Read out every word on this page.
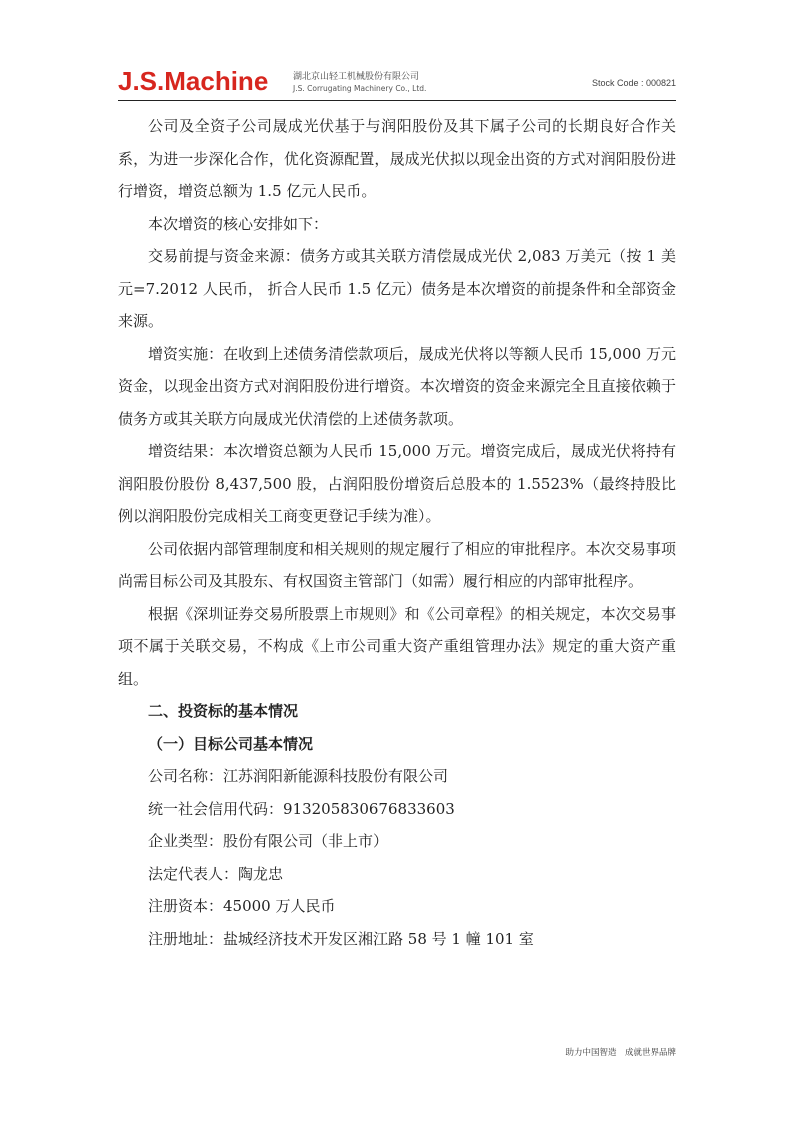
J.S.Machine	湖北京山轻工机械股份有限公司
J.S. Corrugating Machinery Co., Ltd.
Stock Code : 000821

公司及全资子公司晟成光伏基于与润阳股份及其下属子公司的长期良好合作关系，为进一步深化合作，优化资源配置，晟成光伏拟以现金出资的方式对润阳股份进行增资，增资总额为 1.5 亿元人民币。

本次增资的核心安排如下：

交易前提与资金来源：债务方或其关联方清偿晟成光伏 2,083 万美元（按 1 美元=7.2012 人民币， 折合人民币 1.5 亿元）债务是本次增资的前提条件和全部资金来源。

增资实施：在收到上述债务清偿款项后，晟成光伏将以等额人民币 15,000 万元资金，以现金出资方式对润阳股份进行增资。本次增资的资金来源完全且直接依赖于债务方或其关联方向晟成光伏清偿的上述债务款项。

增资结果：本次增资总额为人民币 15,000 万元。增资完成后，晟成光伏将持有润阳股份股份 8,437,500 股，占润阳股份增资后总股本的 1.5523%（最终持股比例以润阳股份完成相关工商变更登记手续为准）。

公司依据内部管理制度和相关规则的规定履行了相应的审批程序。本次交易事项尚需目标公司及其股东、有权国资主管部门（如需）履行相应的内部审批程序。

根据《深圳证券交易所股票上市规则》和《公司章程》的相关规定，本次交易事项不属于关联交易，不构成《上市公司重大资产重组管理办法》规定的重大资产重组。

二、投资标的基本情况

（一）目标公司基本情况

公司名称：江苏润阳新能源科技股份有限公司

统一社会信用代码：913205830676833603

企业类型：股份有限公司（非上市）

法定代表人：陶龙忠

注册资本：45000 万人民币

注册地址：盐城经济技术开发区湘江路 58 号 1 幢 101 室

助力中国智造　成就世界品牌
